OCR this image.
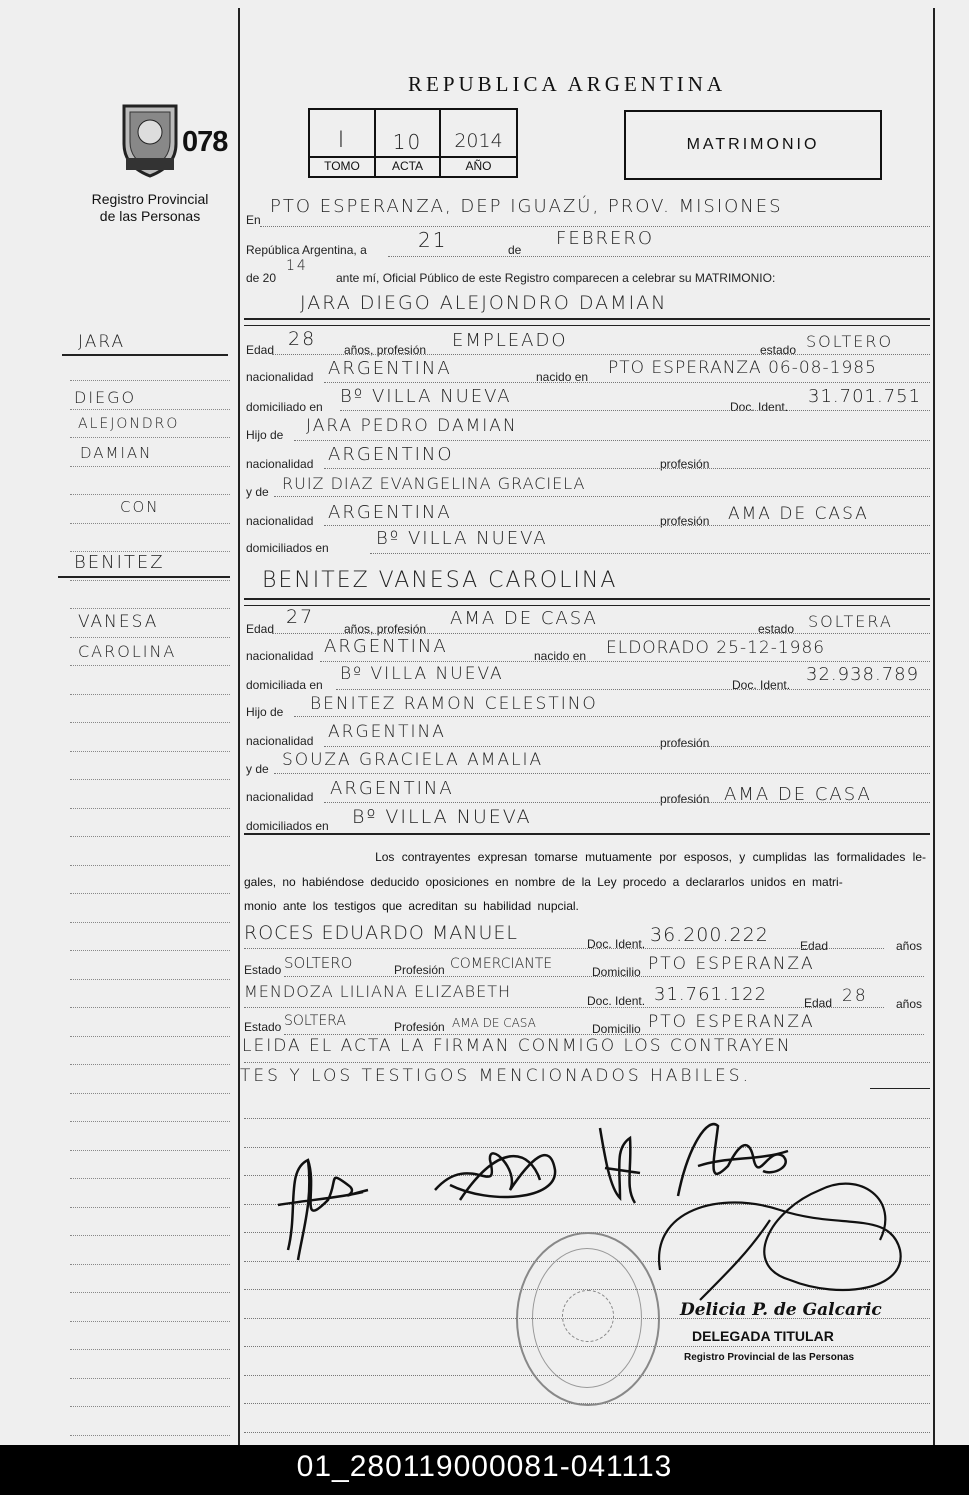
078
Registro Provincial
de las Personas
REPUBLICA ARGENTINA
I	10	2014
TOMO	ACTA	AÑO
MATRIMONIO
JARA
DIEGO
ALEJONDRO
DAMIAN
CON
BENITEZ
VANESA
CAROLINA
En
PTO ESPERANZA, DEP IGUAZÚ, PROV. MISIONES
República Argentina, a	21	de
FEBRERO
de 20
14
ante mí, Oficial Público de este Registro comparecen a celebrar su MATRIMONIO:
JARA DIEGO ALEJONDRO DAMIAN
Edad 28 años, profesión EMPLEADO	estado SOLTERO
nacionalidad ARGENTINA	nacido en PTO ESPERANZA 06-08-1985
domiciliado en Bº VILLA NUEVA	Doc. Ident. 31.701.751
Hijo de JARA PEDRO DAMIAN
nacionalidad ARGENTINO	profesión
y de RUIZ DIAZ EVANGELINA GRACIELA
nacionalidad ARGENTINA	profesión AMA DE CASA
domiciliados en	Bº VILLA NUEVA
BENITEZ VANESA CAROLINA
Edad
27
años, profesión AMA DE CASA	estado SOLTERA
nacionalidad ARGENTINA	nacido en ELDORADO 25-12-1986
domiciliada en
Bº VILLA NUEVA
Doc. Ident. 32.938.789
Hijo de BENITEZ RAMON CELESTINO
nacionalidad ARGENTINA
profesión
y de SOUZA GRACIELA AMALIA
nacionalidad ARGENTINA	profesión AMA DE CASA
domiciliados en Bº VILLA NUEVA
Los contrayentes expresan tomarse mutuamente por esposos, y cumplidas las formalidades le-
gales, no habiéndose deducido oposiciones en nombre de la Ley procedo a declararlos unidos en matri-
monio ante los testigos que acreditan su habilidad nupcial.
ROCES EDUARDO MANUEL	Doc. Ident. 36.200.222	Edad	años
Estado SOLTERO	Profesión COMERCIANTE	Domicilio PTO ESPERANZA
MENDOZA LILIANA ELIZABETH	Doc. Ident. 31.761.122	Edad 28 años
Estado SOLTERA	Profesión AMA DE CASA	Domicilio PTO ESPERANZA
LEIDA EL ACTA LA FIRMAN CONMIGO LOS CONTRAYEN
TES Y LOS TESTIGOS MENCIONADOS HABILES.
Delicia P. de Galcaric
DELEGADA TITULAR
Registro Provincial de las Personas
01_280119000081-041113
